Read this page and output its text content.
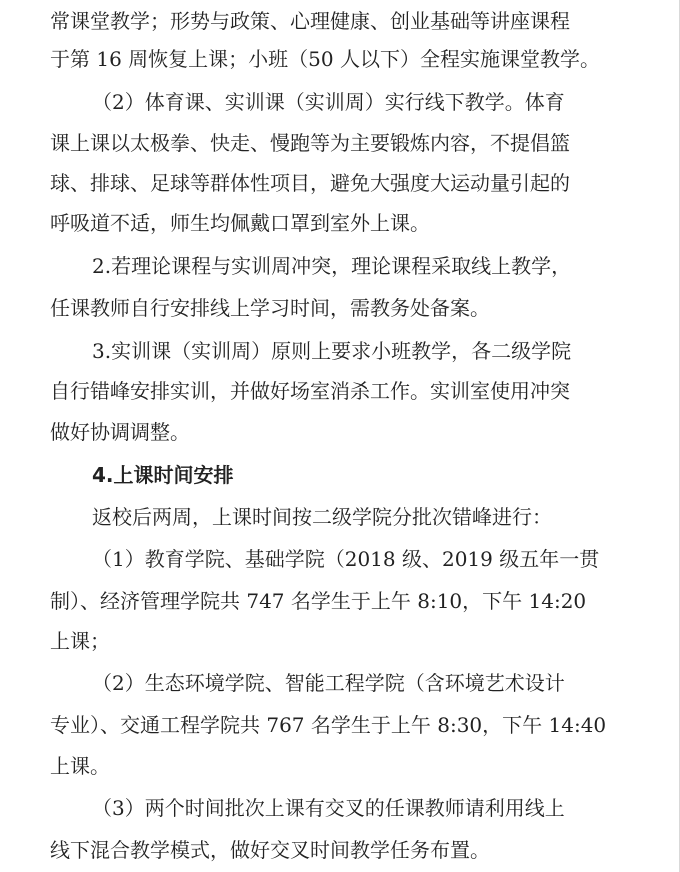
常课堂教学；形势与政策、心理健康、创业基础等讲座课程
于第 16 周恢复上课；小班（50 人以下）全程实施课堂教学。
（2）体育课、实训课（实训周）实行线下教学。体育
课上课以太极拳、快走、慢跑等为主要锻炼内容，不提倡篮
球、排球、足球等群体性项目，避免大强度大运动量引起的
呼吸道不适，师生均佩戴口罩到室外上课。
2.若理论课程与实训周冲突，理论课程采取线上教学，
任课教师自行安排线上学习时间，需教务处备案。
3.实训课（实训周）原则上要求小班教学，各二级学院
自行错峰安排实训，并做好场室消杀工作。实训室使用冲突
做好协调调整。
4.上课时间安排
返校后两周，上课时间按二级学院分批次错峰进行：
（1）教育学院、基础学院（2018 级、2019 级五年一贯
制）、经济管理学院共 747 名学生于上午 8:10，下午 14:20
上课；
（2）生态环境学院、智能工程学院（含环境艺术设计
专业）、交通工程学院共 767 名学生于上午 8:30，下午 14:40
上课。
（3）两个时间批次上课有交叉的任课教师请利用线上
线下混合教学模式，做好交叉时间教学任务布置。
